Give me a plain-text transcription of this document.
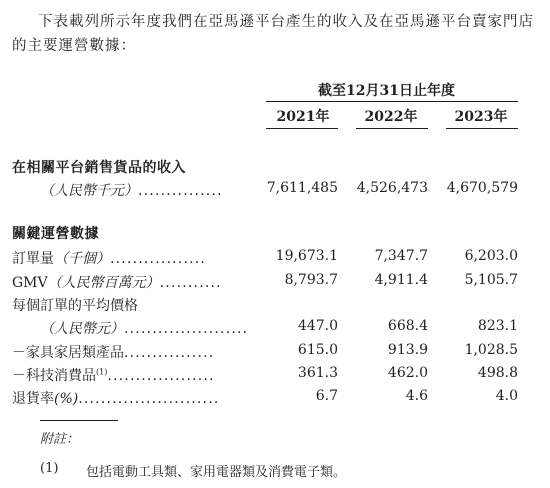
下表載列所示年度我們在亞馬遜平台產生的收入及在亞馬遜平台賣家門店
的主要運營數據：
截至12月31日止年度
2021年	2022年	2023年
在相關平台銷售貨品的收入
（人民幣千元）...............	7,611,485 4,526,473 4,670,579
關鍵運營數據
訂單量（千個）.................	19,673.1	7,347.7	6,203.0
GMV（人民幣百萬元）...........	8,793.7	4,911.4	5,105.7
每個訂單的平均價格
（人民幣元）......................	447.0	668.4	823.1
－家具家居類產品................	615.0	913.9	1,028.5
－科技消費品$^{(1)}$...................	361.3	462.0	498.8
退貨率(%).........................	6.7	4.6	4.0
附註：
(1) 包括電動工具類、家用電器類及消費電子類。
